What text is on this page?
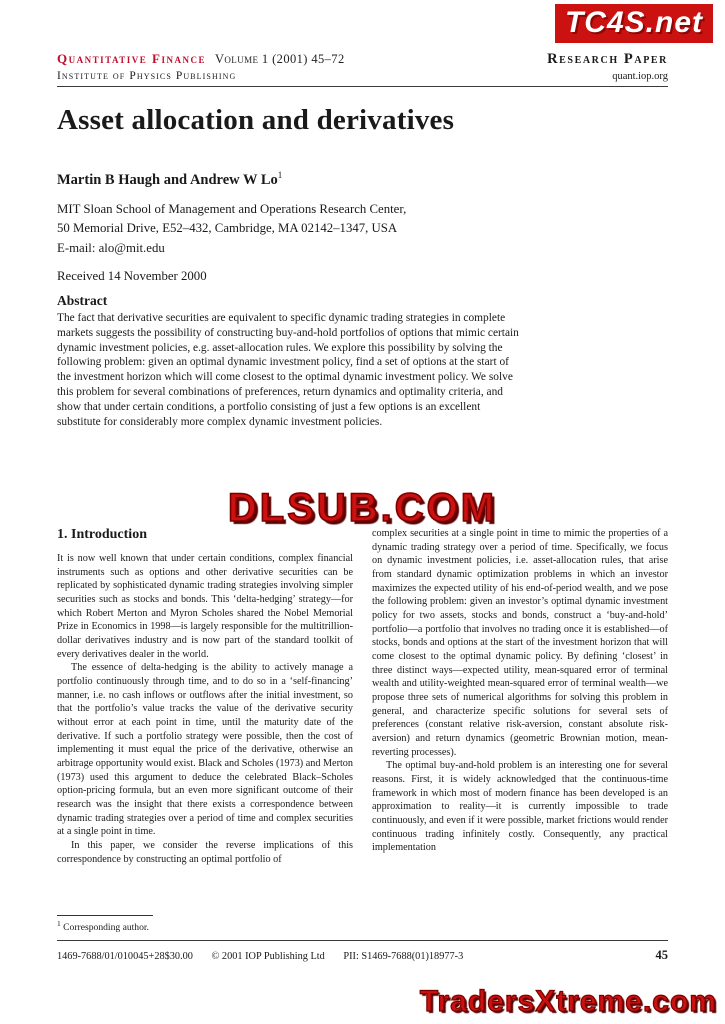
TC4S.net
Quantitative Finance Volume 1 (2001) 45–72	Research Paper
Institute of Physics Publishing	quant.iop.org
Asset allocation and derivatives
Martin B Haugh and Andrew W Lo$^1$
MIT Sloan School of Management and Operations Research Center,
50 Memorial Drive, E52–432, Cambridge, MA 02142–1347, USA
E-mail: alo@mit.edu
Received 14 November 2000
Abstract
The fact that derivative securities are equivalent to specific dynamic trading strategies in complete markets suggests the possibility of constructing buy-and-hold portfolios of options that mimic certain dynamic investment policies, e.g. asset-allocation rules. We explore this possibility by solving the following problem: given an optimal dynamic investment policy, find a set of options at the start of the investment horizon which will come closest to the optimal dynamic investment policy. We solve this problem for several combinations of preferences, return dynamics and optimality criteria, and show that under certain conditions, a portfolio consisting of just a few options is an excellent substitute for considerably more complex dynamic investment policies.
DLSUB.COM
1. Introduction

It is now well known that under certain conditions, complex financial instruments such as options and other derivative securities can be replicated by sophisticated dynamic trading strategies involving simpler securities such as stocks and bonds. This ‘delta-hedging’ strategy—for which Robert Merton and Myron Scholes shared the Nobel Memorial Prize in Economics in 1998—is largely responsible for the multitrillion-dollar derivatives industry and is now part of the standard toolkit of every derivatives dealer in the world.

The essence of delta-hedging is the ability to actively manage a portfolio continuously through time, and to do so in a ‘self-financing’ manner, i.e. no cash inflows or outflows after the initial investment, so that the portfolio’s value tracks the value of the derivative security without error at each point in time, until the maturity date of the derivative. If such a portfolio strategy were possible, then the cost of implementing it must equal the price of the derivative, otherwise an arbitrage opportunity would exist. Black and Scholes (1973) and Merton (1973) used this argument to deduce the celebrated Black–Scholes option-pricing formula, but an even more significant outcome of their research was the insight that there exists a correspondence between dynamic trading strategies over a period of time and complex securities at a single point in time.

In this paper, we consider the reverse implications of this correspondence by constructing an optimal portfolio of

$^1$ Corresponding author.

complex securities at a single point in time to mimic the properties of a dynamic trading strategy over a period of time. Specifically, we focus on dynamic investment policies, i.e. asset-allocation rules, that arise from standard dynamic optimization problems in which an investor maximizes the expected utility of his end-of-period wealth, and we pose the following problem: given an investor’s optimal dynamic investment policy for two assets, stocks and bonds, construct a ‘buy-and-hold’ portfolio—a portfolio that involves no trading once it is established—of stocks, bonds and options at the start of the investment horizon that will come closest to the optimal dynamic policy. By defining ‘closest’ in three distinct ways—expected utility, mean-squared error of terminal wealth and utility-weighted mean-squared error of terminal wealth—we propose three sets of numerical algorithms for solving this problem in general, and characterize specific solutions for several sets of preferences (constant relative risk-aversion, constant absolute risk-aversion) and return dynamics (geometric Brownian motion, mean-reverting processes).

The optimal buy-and-hold problem is an interesting one for several reasons. First, it is widely acknowledged that the continuous-time framework in which most of modern finance has been developed is an approximation to reality—it is currently impossible to trade continuously, and even if it were possible, market frictions would render continuous trading infinitely costly. Consequently, any practical implementation

1469-7688/01/010045+28$30.00 © 2001 IOP Publishing Ltd PII: S1469-7688(01)18977-3	45
TradersXtreme.com
